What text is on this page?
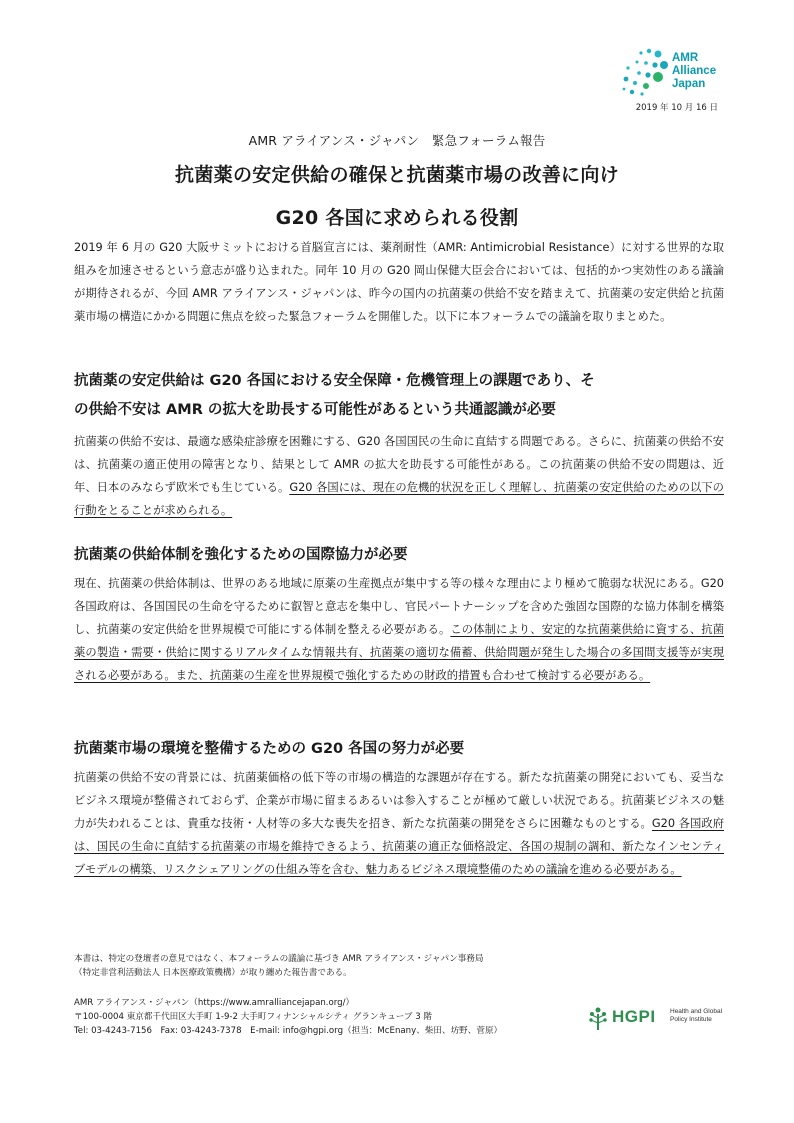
AMR
Alliance
Japan
2019 年 10 月 16 日
AMR アライアンス・ジャパン　緊急フォーラム報告
抗菌薬の安定供給の確保と抗菌薬市場の改善に向け
G20 各国に求められる役割

2019 年 6 月の G20 大阪サミットにおける首脳宣言には、薬剤耐性（AMR: Antimicrobial Resistance）に対する世界的な取組みを加速させるという意志が盛り込まれた。同年 10 月の G20 岡山保健大臣会合においては、包括的かつ実効性のある議論が期待されるが、今回 AMR アライアンス・ジャパンは、昨今の国内の抗菌薬の供給不安を踏まえて、抗菌薬の安定供給と抗菌薬市場の構造にかかる問題に焦点を絞った緊急フォーラムを開催した。以下に本フォーラムでの議論を取りまとめた。

抗菌薬の安定供給は G20 各国における安全保障・危機管理上の課題であり、そ
の供給不安は AMR の拡大を助長する可能性があるという共通認識が必要

抗菌薬の供給不安は、最適な感染症診療を困難にする、G20 各国国民の生命に直結する問題である。さらに、抗菌薬の供給不安は、抗菌薬の適正使用の障害となり、結果として AMR の拡大を助長する可能性がある。この抗菌薬の供給不安の問題は、近年、日本のみならず欧米でも生じている。G20 各国には、現在の危機的状況を正しく理解し、抗菌薬の安定供給のための以下の行動をとることが求められる。

抗菌薬の供給体制を強化するための国際協力が必要

現在、抗菌薬の供給体制は、世界のある地域に原薬の生産拠点が集中する等の様々な理由により極めて脆弱な状況にある。G20 各国政府は、各国国民の生命を守るために叡智と意志を集中し、官民パートナーシップを含めた強固な国際的な協力体制を構築し、抗菌薬の安定供給を世界規模で可能にする体制を整える必要がある。この体制により、安定的な抗菌薬供給に資する、抗菌薬の製造・需要・供給に関するリアルタイムな情報共有、抗菌薬の適切な備蓄、供給問題が発生した場合の多国間支援等が実現される必要がある。また、抗菌薬の生産を世界規模で強化するための財政的措置も合わせて検討する必要がある。

抗菌薬市場の環境を整備するための G20 各国の努力が必要

抗菌薬の供給不安の背景には、抗菌薬価格の低下等の市場の構造的な課題が存在する。新たな抗菌薬の開発においても、妥当なビジネス環境が整備されておらず、企業が市場に留まるあるいは参入することが極めて厳しい状況である。抗菌薬ビジネスの魅力が失われることは、貴重な技術・人材等の多大な喪失を招き、新たな抗菌薬の開発をさらに困難なものとする。G20 各国政府は、国民の生命に直結する抗菌薬の市場を維持できるよう、抗菌薬の適正な価格設定、各国の規制の調和、新たなインセンティブモデルの構築、リスクシェアリングの仕組み等を含む、魅力あるビジネス環境整備のための議論を進める必要がある。

本書は、特定の登壇者の意見ではなく、本フォーラムの議論に基づき AMR アライアンス・ジャパン事務局
（特定非営利活動法人 日本医療政策機構）が取り纏めた報告書である。
AMR アライアンス・ジャパン（https://www.amralliancejapan.org/）
〒100-0004 東京都千代田区大手町 1-9-2 大手町フィナンシャルシティ グランキューブ 3 階
Tel: 03-4243-7156　Fax: 03-4243-7378　E-mail: info@hgpi.org（担当：McEnany、柴田、坊野、菅原）
HGPI Health and Global
Policy Institute
